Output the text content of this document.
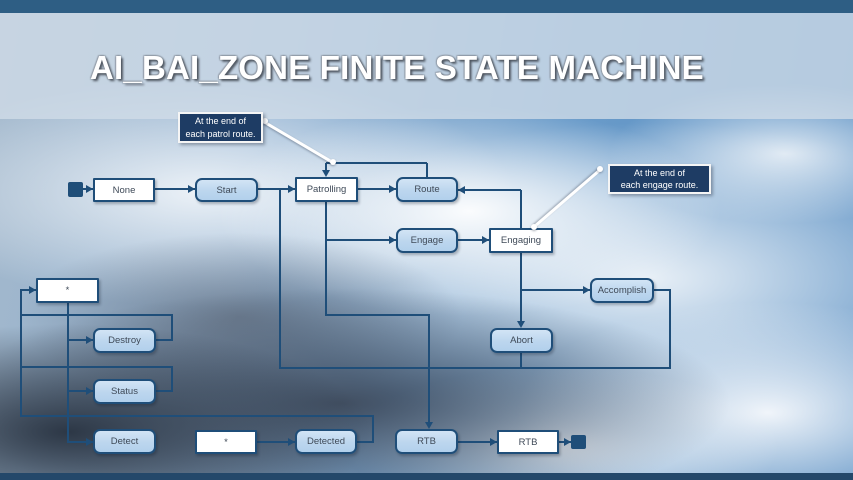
AI_BAI_ZONE FINITE STATE MACHINE
None	Start	Patrolling	Route
Engage	Engaging
Accomplish
Abort
*
Destroy
Status
Detect	*	Detected	RTB	RTB
At the end of
each patrol route.
At the end of
each engage route.
